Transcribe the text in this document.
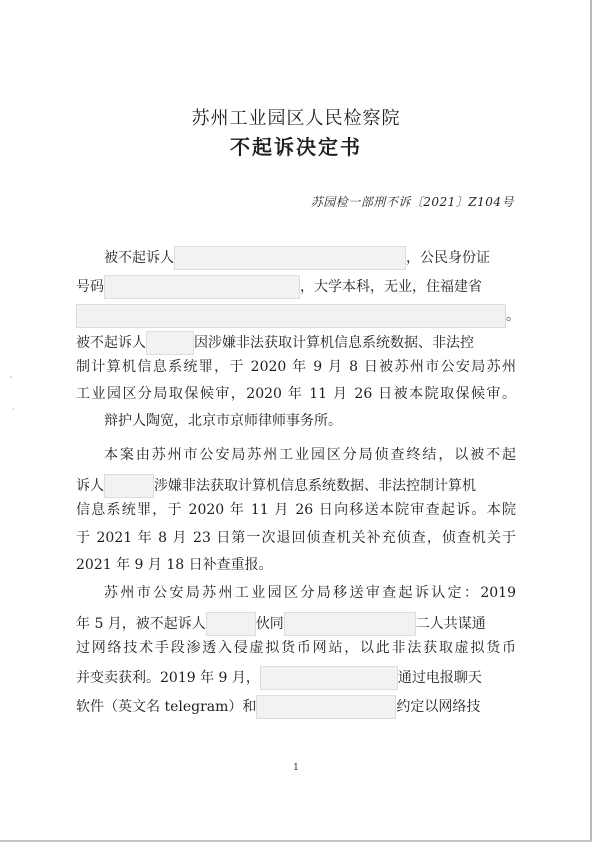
˛
ˎ
苏州工业园区人民检察院
不起诉决定书
苏园检一部刑不诉〔2021〕Z104号
被不起诉人	，公民身份证
号码	，大学本科，无业，住福建省
。
被不起诉人	因涉嫌非法获取计算机信息系统数据、非法控
制计算机信息系统罪，于 2020 年 9 月 8 日被苏州市公安局苏州
工业园区分局取保候审，2020 年 11 月 26 日被本院取保候审。
辩护人陶宽，北京市京师律师事务所。
本案由苏州市公安局苏州工业园区分局侦查终结，以被不起
诉人	涉嫌非法获取计算机信息系统数据、非法控制计算机
信息系统罪，于 2020 年 11 月 26 日向移送本院审查起诉。本院
于 2021 年 8 月 23 日第一次退回侦查机关补充侦查，侦查机关于
2021 年 9 月 18 日补查重报。
苏州市公安局苏州工业园区分局移送审查起诉认定：2019
年 5 月，被不起诉人	伙同	二人共谋通
过网络技术手段渗透入侵虚拟货币网站，以此非法获取虚拟货币
并变卖获利。2019 年 9 月，	通过电报聊天
软件（英文名 telegram）和	约定以网络技
1
